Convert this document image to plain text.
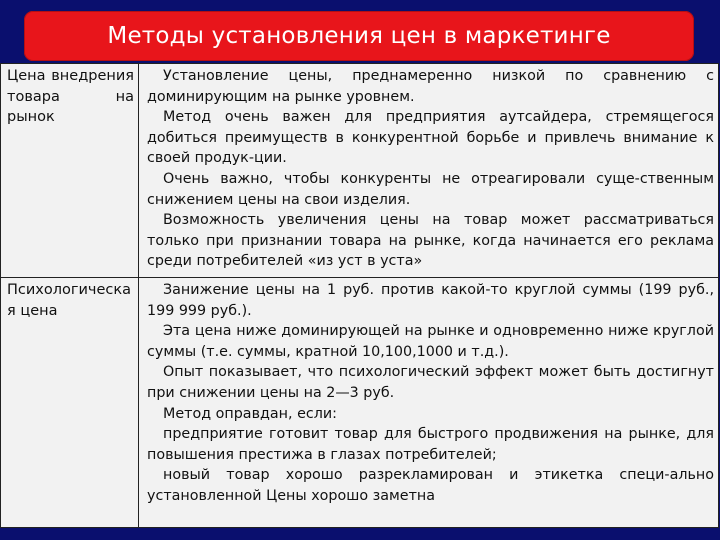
Методы установления цен в маркетинге
Цена внедрения товара на рынок

Установление цены, преднамеренно низкой по сравнению с доминирующим на рынке уровнем.

Метод очень важен для предприятия аутсайдера, стремящегося добиться преимуществ в конкурентной борьбе и привлечь внимание к своей продук-ции.

Очень важно, чтобы конкуренты не отреагировали суще-ственным снижением цены на свои изделия.

Возможность увеличения цены на товар может рассматриваться только при признании товара на рынке, когда начинается его реклама среди потребителей «из уст в уста»

Психологическая цена

Занижение цены на 1 руб. против какой-то круглой суммы (199 руб., 199 999 руб.).

Эта цена ниже доминирующей на рынке и одновременно ниже круглой суммы (т.е. суммы, кратной 10,100,1000 и т.д.).

Опыт показывает, что психологический эффект может быть достигнут при снижении цены на 2—3 руб.

Метод оправдан, если:

предприятие готовит товар для быстрого продвижения на рынке, для повышения престижа в глазах потребителей;

новый товар хорошо разрекламирован и этикетка специ-ально установленной Цены хорошо заметна
